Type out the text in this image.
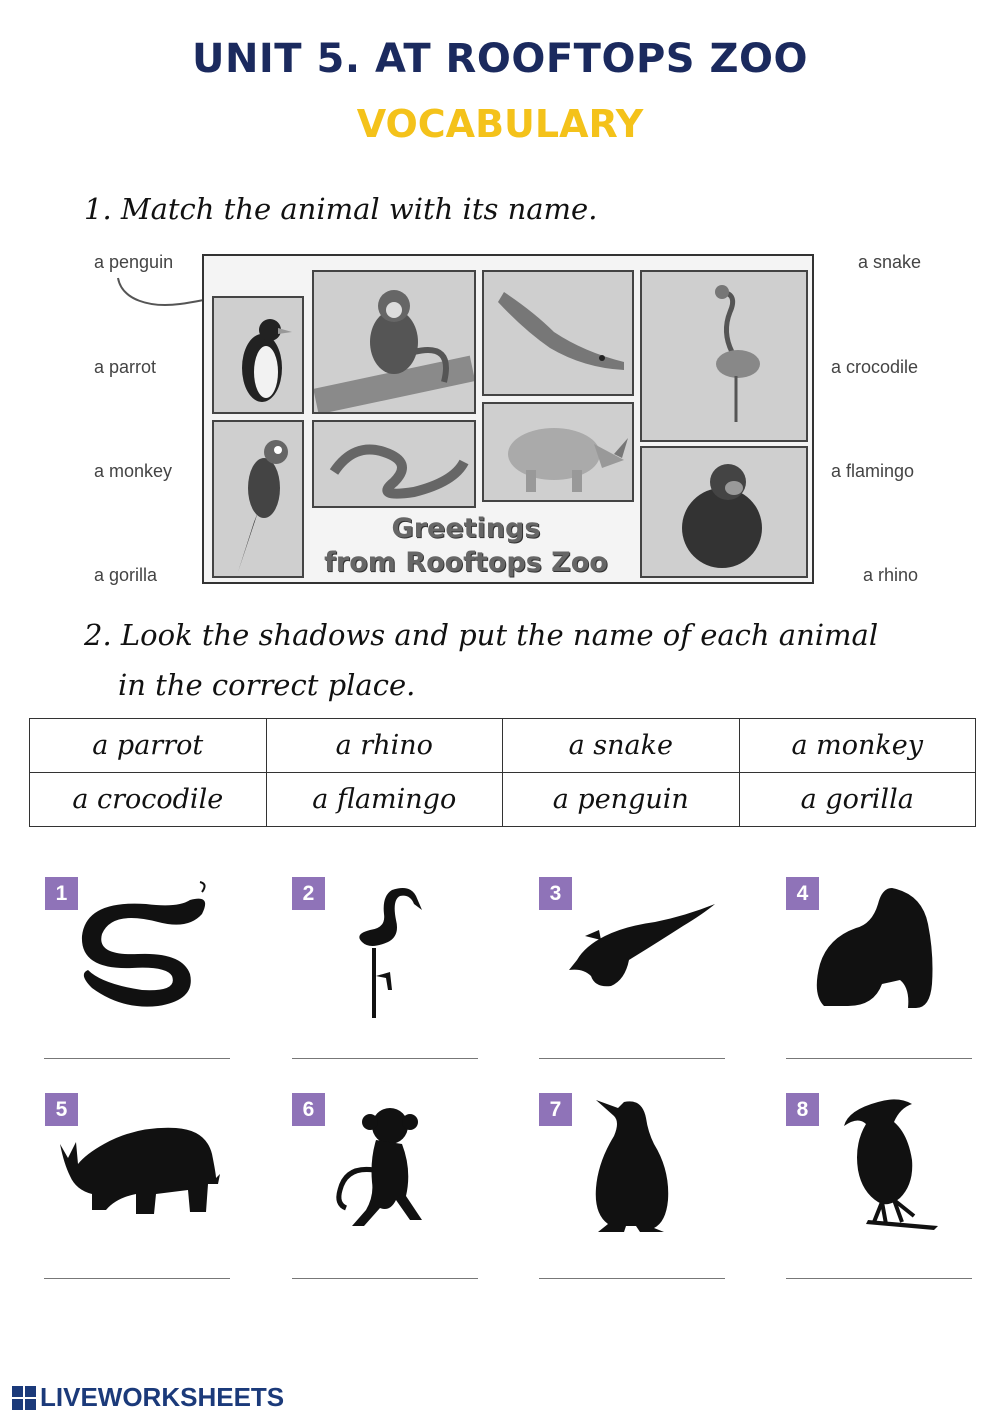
UNIT 5. AT ROOFTOPS ZOO
VOCABULARY
1. Match the animal with its name.
a penguin
a parrot
a monkey
a gorilla
a snake
a crocodile
a flamingo
a rhino
Greetings
from Rooftops Zoo
2. Look the shadows and put the name of each animal
in the correct place.
a parrot	a rhino	a snake	a monkey
a crocodile	a flamingo	a penguin	a gorilla
1	2	3	4
5	6	7	8
LIVEWORKSHEETS
